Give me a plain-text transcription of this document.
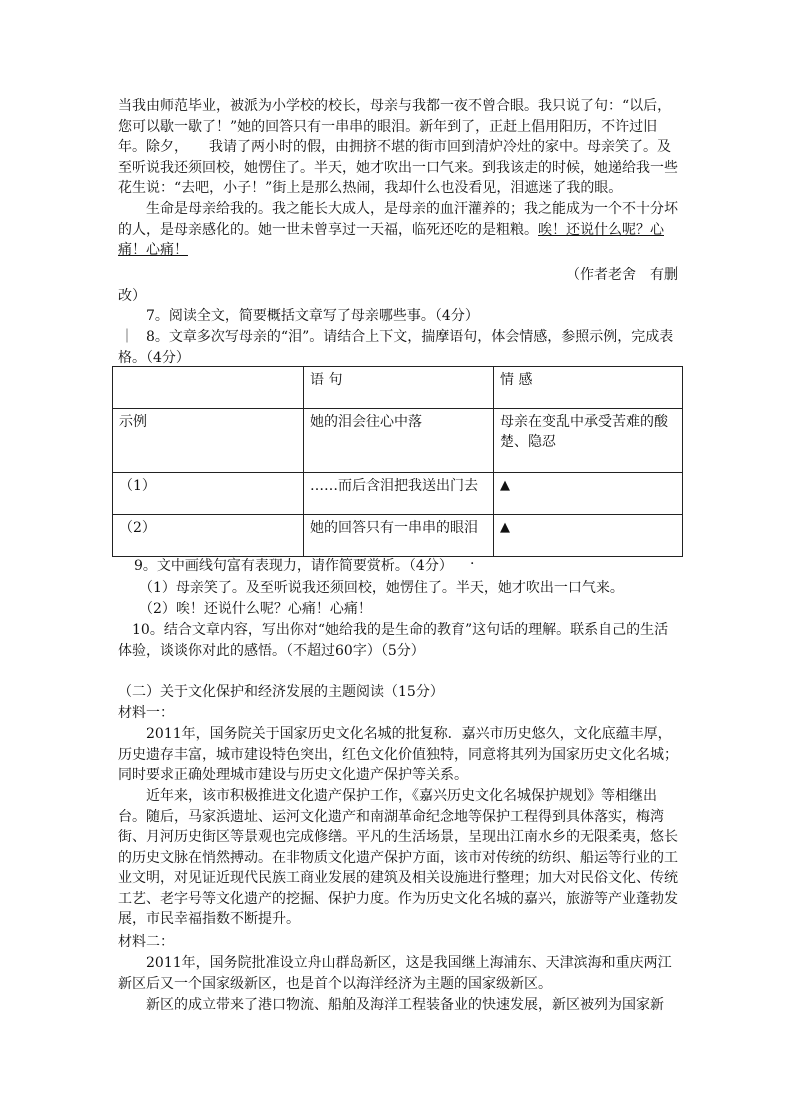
当我由师范毕业，被派为小学校的校长，母亲与我都一夜不曾合眼。我只说了句：“以后，您可以歇一歇了！”她的回答只有一串串的眼泪。新年到了，正赶上倡用阳历，不许过旧年。除夕，　　我请了两小时的假，由拥挤不堪的街市回到清炉冷灶的家中。母亲笑了。及至听说我还须回校，她愣住了。半天，她才吹出一口气来。到我该走的时候，她递给我一些花生说：“去吧，小子！”街上是那么热闹，我却什么也没看见，泪遮迷了我的眼。

生命是母亲给我的。我之能长大成人，是母亲的血汗灌养的；我之能成为一个不十分坏的人，是母亲感化的。她一世未曾享过一天福，临死还吃的是粗粮。唉！还说什么呢？心痛！心痛！

（作者老舍　有删
改）
7。阅读全文，简要概括文章写了母亲哪些事。（4分）
｜ 8。文章多次写母亲的“泪”。请结合上下文，揣摩语句，体会情感，参照示例，完成表格。（4分）

	语 句	情 感
示例	她的泪会往心中落	母亲在变乱中承受苦难的酸楚、隐忍
（1）	……而后含泪把我送出门去	▲
（2）	她的回答只有一串串的眼泪	▲
9。文中画线句富有表现力，请作简要赏析。（4分） ·
（1）母亲笑了。及至听说我还须回校，她愣住了。半天，她才吹出一口气来。
（2）唉！还说什么呢？心痛！心痛！

10。结合文章内容，写出你对“她给我的是生命的教育”这句话的理解。联系自己的生活体验，谈谈你对此的感悟。（不超过60字）（5分）

（二）关于文化保护和经济发展的主题阅读（15分）
材料一：

2011年，国务院关于国家历史文化名城的批复称．嘉兴市历史悠久，文化底蕴丰厚，历史遗存丰富，城市建设特色突出，红色文化价值独特，同意将其列为国家历史文化名城；同时要求正确处理城市建设与历史文化遗产保护等关系。

近年来，该市积极推进文化遗产保护工作，《嘉兴历史文化名城保护规划》等相继出台。随后，马家浜遗址、运河文化遗产和南湖革命纪念地等保护工程得到具体落实，梅湾街、月河历史街区等景观也完成修缮。平凡的生活场景，呈现出江南水乡的无限柔夷，悠长的历史文脉在悄然搏动。在非物质文化遗产保护方面，该市对传统的纺织、船运等行业的工业文明，对见证近现代民族工商业发展的建筑及相关设施进行整理；加大对民俗文化、传统工艺、老字号等文化遗产的挖掘、保护力度。作为历史文化名城的嘉兴，旅游等产业蓬勃发展，市民幸福指数不断提升。

材料二：

2011年，国务院批准设立舟山群岛新区，这是我国继上海浦东、天津滨海和重庆两江新区后又一个国家级新区，也是首个以海洋经济为主题的国家级新区。

新区的成立带来了港口物流、船舶及海洋工程装备业的快速发展，新区被列为国家新
